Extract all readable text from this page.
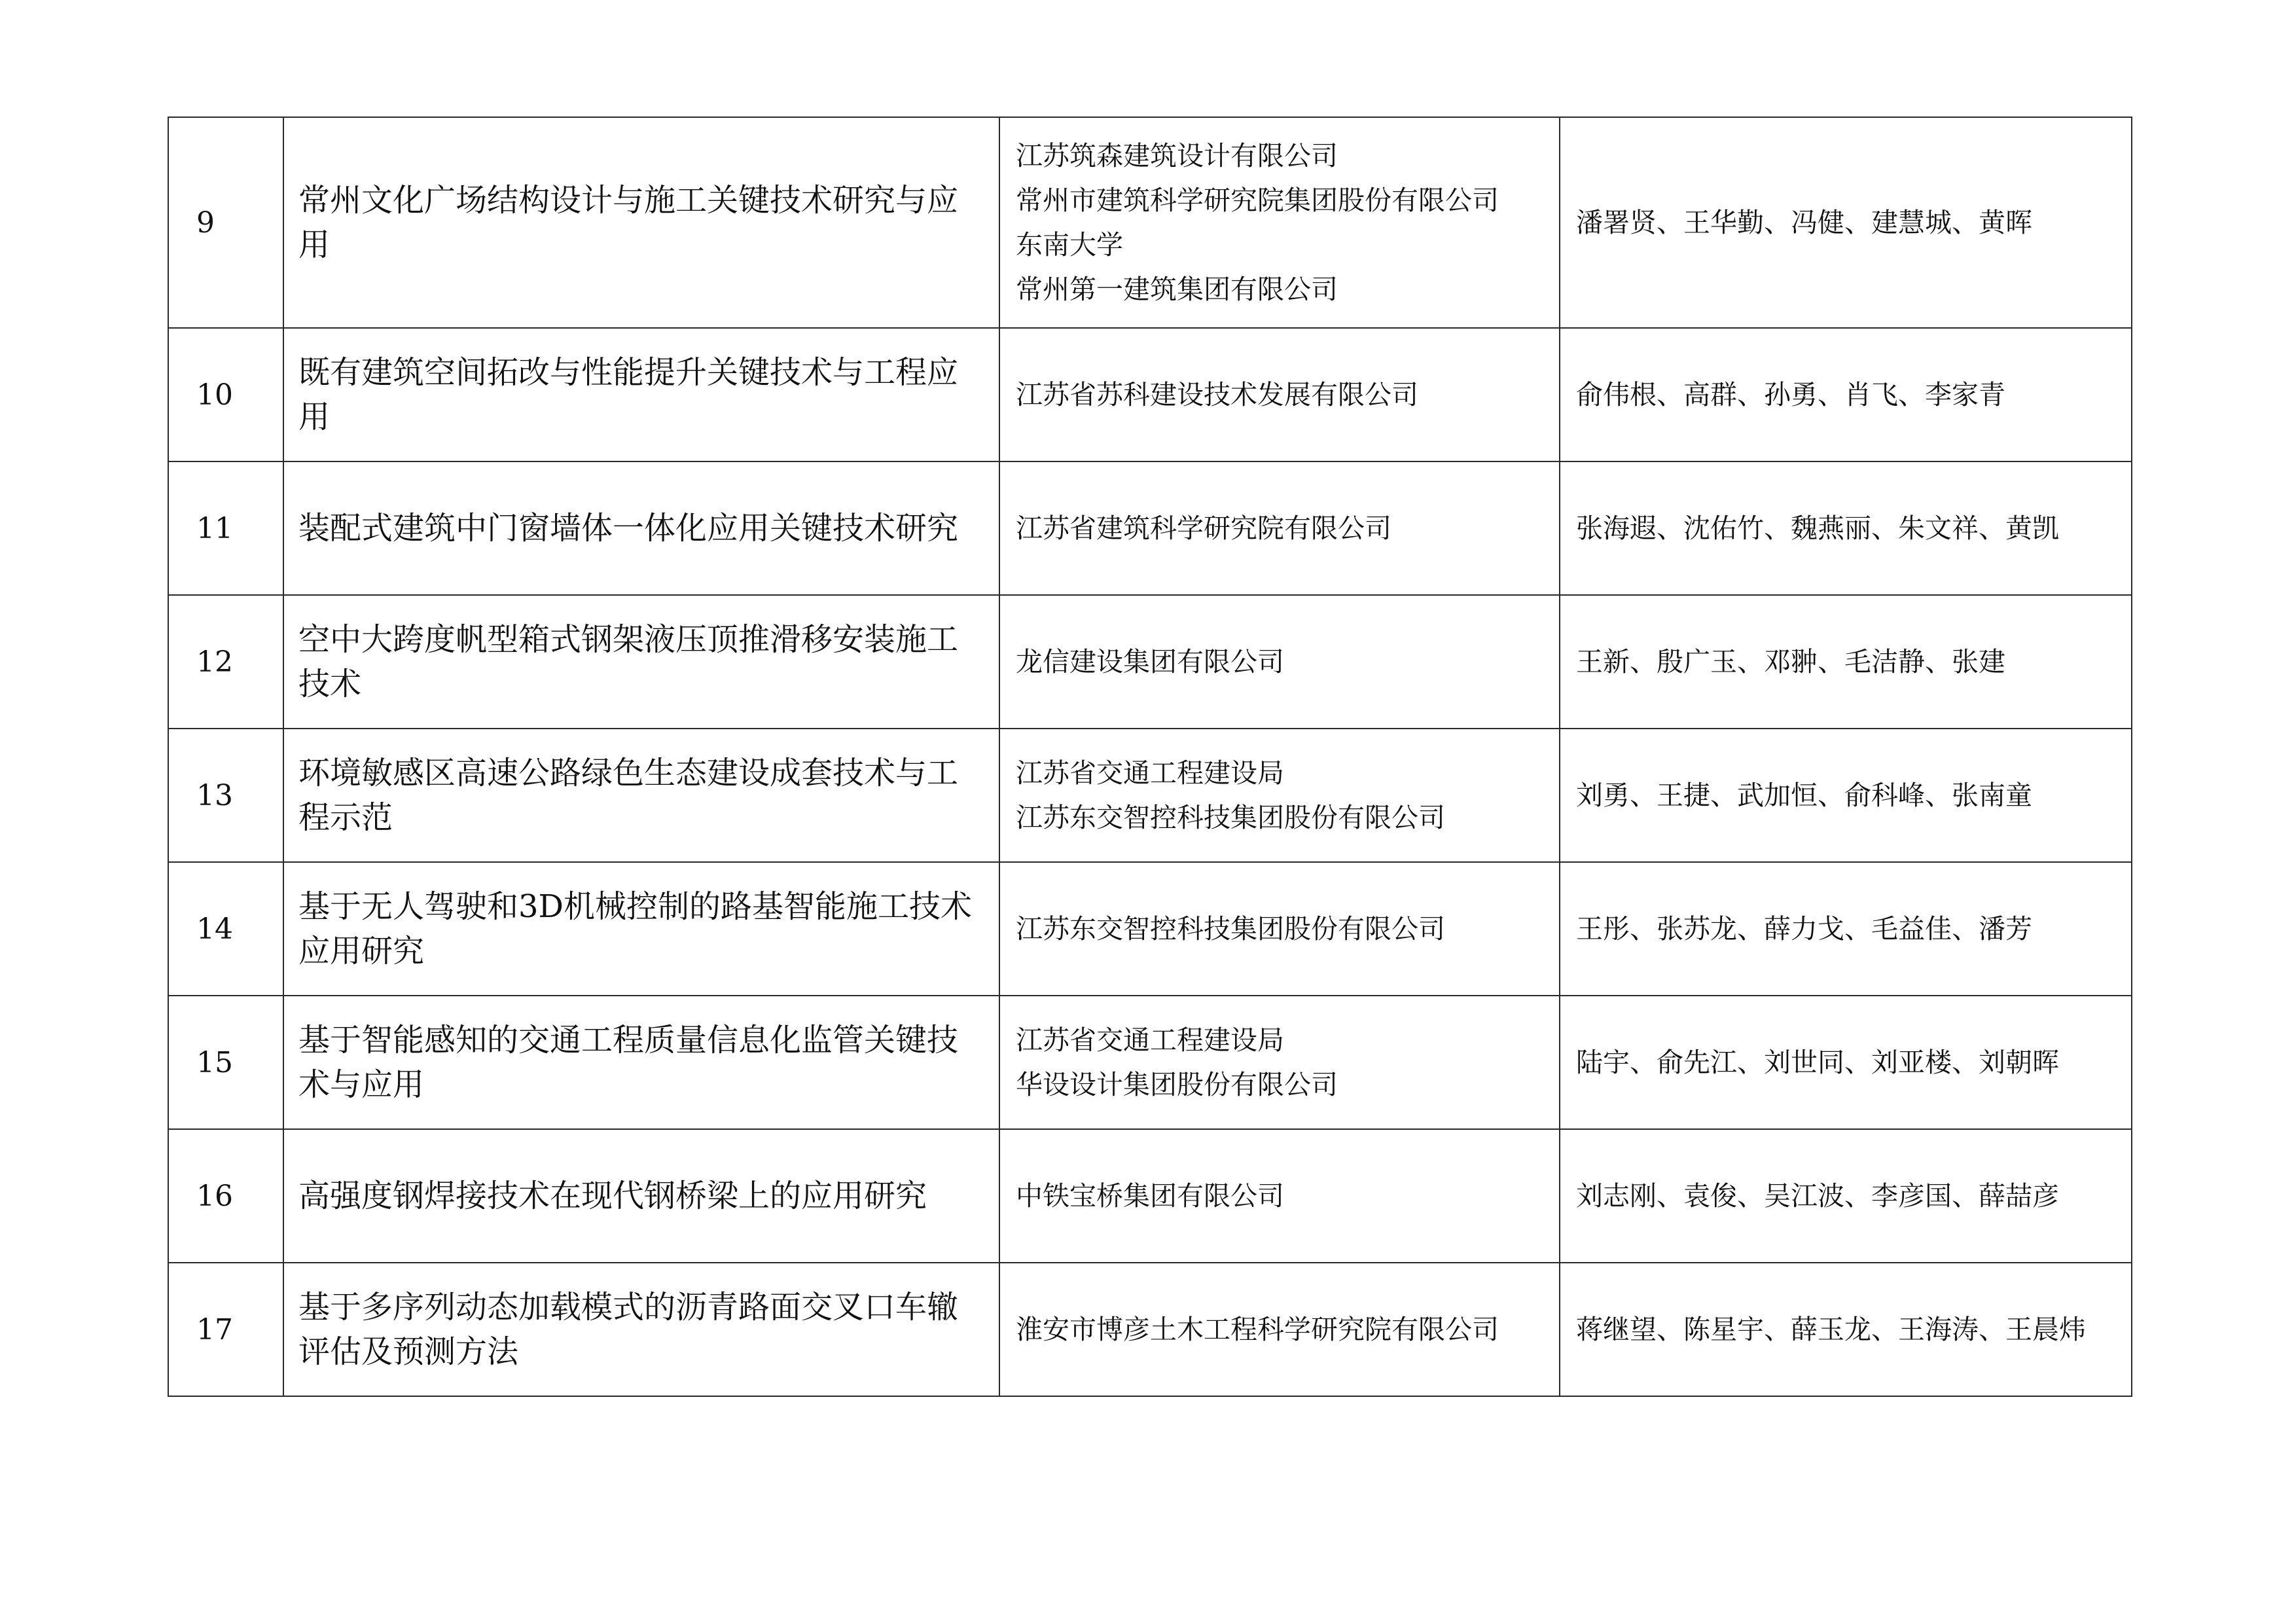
9	常州文化广场结构设计与施工关键技术研究与应用	江苏筑森建筑设计有限公司
常州市建筑科学研究院集团股份有限公司
东南大学
常州第一建筑集团有限公司	潘署贤、王华勤、冯健、建慧城、黄晖
10	既有建筑空间拓改与性能提升关键技术与工程应用	江苏省苏科建设技术发展有限公司	俞伟根、高群、孙勇、肖飞、李家青
11	装配式建筑中门窗墙体一体化应用关键技术研究	江苏省建筑科学研究院有限公司	张海遐、沈佑竹、魏燕丽、朱文祥、黄凯
12	空中大跨度帆型箱式钢架液压顶推滑移安装施工技术	龙信建设集团有限公司	王新、殷广玉、邓翀、毛洁静、张建
13	环境敏感区高速公路绿色生态建设成套技术与工程示范	江苏省交通工程建设局
江苏东交智控科技集团股份有限公司	刘勇、王捷、武加恒、俞科峰、张南童
14	基于无人驾驶和3D机械控制的路基智能施工技术应用研究	江苏东交智控科技集团股份有限公司	王彤、张苏龙、薛力戈、毛益佳、潘芳
15	基于智能感知的交通工程质量信息化监管关键技术与应用	江苏省交通工程建设局
华设设计集团股份有限公司	陆宇、俞先江、刘世同、刘亚楼、刘朝晖
16	高强度钢焊接技术在现代钢桥梁上的应用研究	中铁宝桥集团有限公司	刘志刚、袁俊、吴江波、李彦国、薛喆彦
17	基于多序列动态加载模式的沥青路面交叉口车辙评估及预测方法	淮安市博彦土木工程科学研究院有限公司	蒋继望、陈星宇、薛玉龙、王海涛、王晨炜
